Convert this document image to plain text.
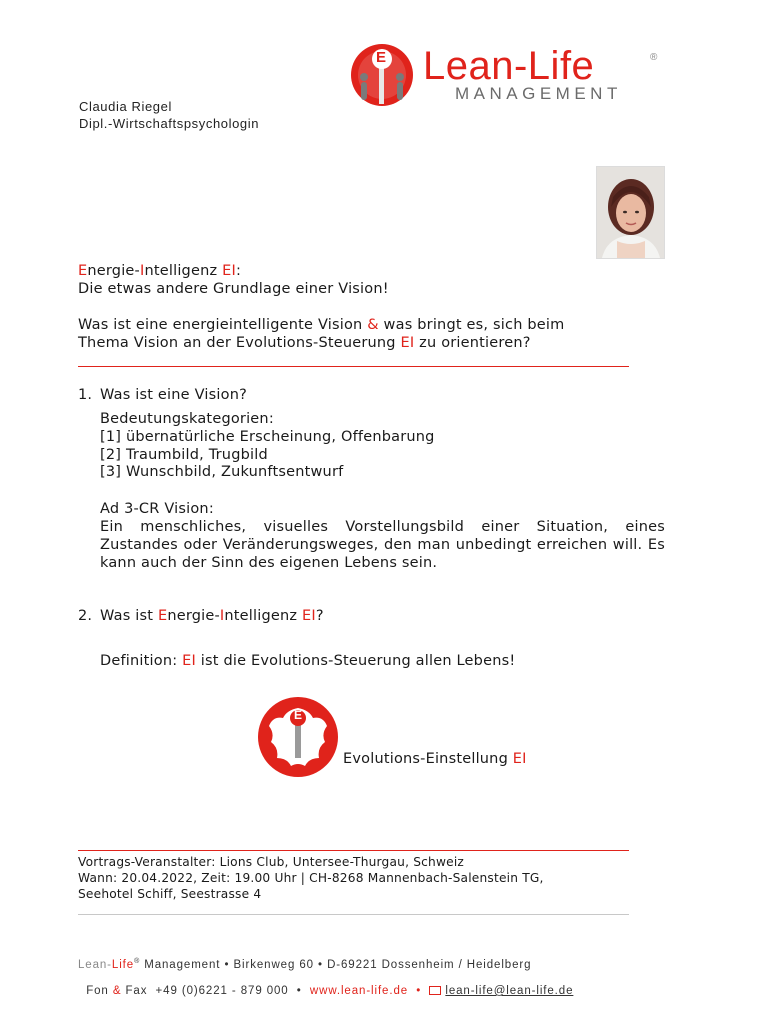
E Lean-Life	®
MANAGEMENT
Claudia Riegel
Dipl.-Wirtschaftspsychologin
Energie-Intelligenz EI:
Die etwas andere Grundlage einer Vision!
Was ist eine energieintelligente Vision & was bringt es, sich beim
Thema Vision an der Evolutions-Steuerung EI zu orientieren?
1. Was ist eine Vision?
Bedeutungskategorien:
[1] übernatürliche Erscheinung, Offenbarung
[2] Traumbild, Trugbild
[3] Wunschbild, Zukunftsentwurf
Ad 3-CR Vision:
Ein menschliches, visuelles Vorstellungsbild einer Situation, eines Zustandes oder Veränderungsweges, den man unbedingt erreichen will. Es kann auch der Sinn des eigenen Lebens sein.
2. Was ist Energie-Intelligenz EI?
Definition: EI ist die Evolutions-Steuerung allen Lebens!
E
Evolutions-Einstellung EI
Vortrags-Veranstalter: Lions Club, Untersee-Thurgau, Schweiz
Wann: 20.04.2022, Zeit: 19.00 Uhr | CH-8268 Mannenbach-Salenstein TG,
Seehotel Schiff, Seestrasse 4
Lean-Life® Management • Birkenweg 60 • D-69221 Dossenheim / Heidelberg

Fon & Fax  +49 (0)6221 - 879 000  •  www.lean-life.de  •  lean-life@lean-life.de
